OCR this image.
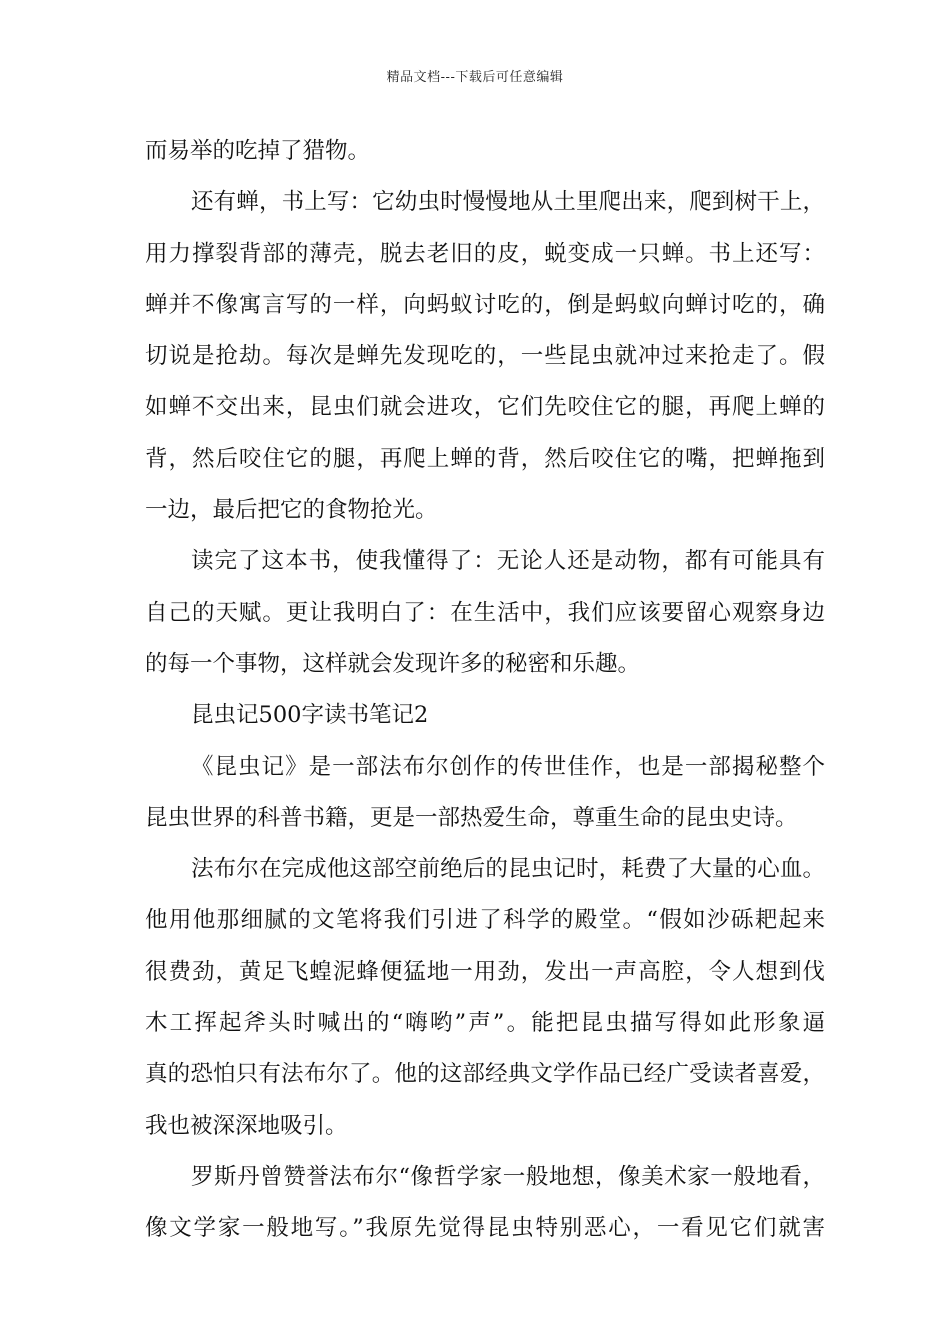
精品文档---下载后可任意编辑
而易举的吃掉了猎物。
还有蝉，书上写：它幼虫时慢慢地从土里爬出来，爬到树干上，
用力撑裂背部的薄壳，脱去老旧的皮，蜕变成一只蝉。书上还写：
蝉并不像寓言写的一样，向蚂蚁讨吃的，倒是蚂蚁向蝉讨吃的，确
切说是抢劫。每次是蝉先发现吃的，一些昆虫就冲过来抢走了。假
如蝉不交出来，昆虫们就会进攻，它们先咬住它的腿，再爬上蝉的
背，然后咬住它的腿，再爬上蝉的背，然后咬住它的嘴，把蝉拖到
一边，最后把它的食物抢光。
读完了这本书，使我懂得了：无论人还是动物，都有可能具有
自己的天赋。更让我明白了：在生活中，我们应该要留心观察身边
的每一个事物，这样就会发现许多的秘密和乐趣。
昆虫记500字读书笔记2
《昆虫记》是一部法布尔创作的传世佳作，也是一部揭秘整个
昆虫世界的科普书籍，更是一部热爱生命，尊重生命的昆虫史诗。
法布尔在完成他这部空前绝后的昆虫记时，耗费了大量的心血。
他用他那细腻的文笔将我们引进了科学的殿堂。“假如沙砾耙起来
很费劲，黄足飞蝗泥蜂便猛地一用劲，发出一声高腔，令人想到伐
木工挥起斧头时喊出的“嗨哟”声”。能把昆虫描写得如此形象逼
真的恐怕只有法布尔了。他的这部经典文学作品已经广受读者喜爱，
我也被深深地吸引。
罗斯丹曾赞誉法布尔“像哲学家一般地想，像美术家一般地看，
像文学家一般地写。”我原先觉得昆虫特别恶心，一看见它们就害
